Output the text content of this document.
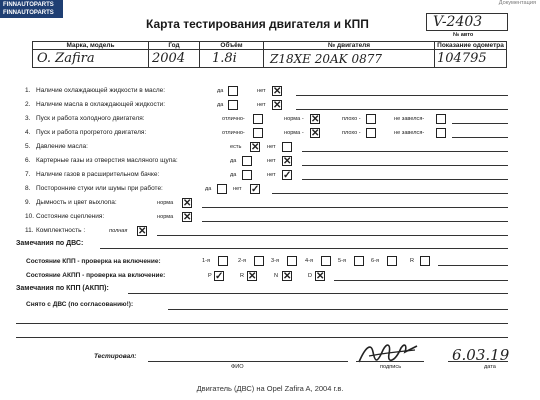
FINNAUTOPARTS
FINNAUTOPARTS
Документация
Карта тестирования двигателя и КПП	V-2403
№ авто
Марка, модель	Год	Объём	№ двигателя	Показание одометра
O. Zafira	2004	1.8i	Z18XE 20AK 0877	104795
1. Наличие охлаждающей жидкости в масле:	да	нет ✕
2. Наличие масла в охлаждающей жидкости:	да	нет ✕
3. Пуск и работа холодного двигателя:	отлично-	норма - ✕	плохо -	не завелся-
4. Пуск и работа прогретого двигателя:	отлично-	норма - ✕	плохо -	не завелся-
5. Давление масла:	есть ✕ нет
6. Картерные газы из отверстия масляного щупа:	да	нет ✕
7. Наличие газов в расширительном бачке:	да	нет ✓
8. Посторонние стуки или шумы при работе:	да	нет ✓
9. Дымность и цвет выхлопа:	норма ✕
10. Состояние сцепления:	норма ✕
11. Комплектность :	полная ✕
Замечания по ДВС:
Состояние КПП - проверка на включение:	1-я	2-я	3-я	4-я	5-я	6-я	R
Состояние АКПП - проверка на включение:	P ✓	R ✕	N ✕	D ✕
Замечания по КПП (АКПП):
Снято с ДВС (по согласованию!):
Тестировал:
ФИО	подпись
6.03.19
дата
Двигатель (ДВС) на Opel Zafira A, 2004 г.в.
